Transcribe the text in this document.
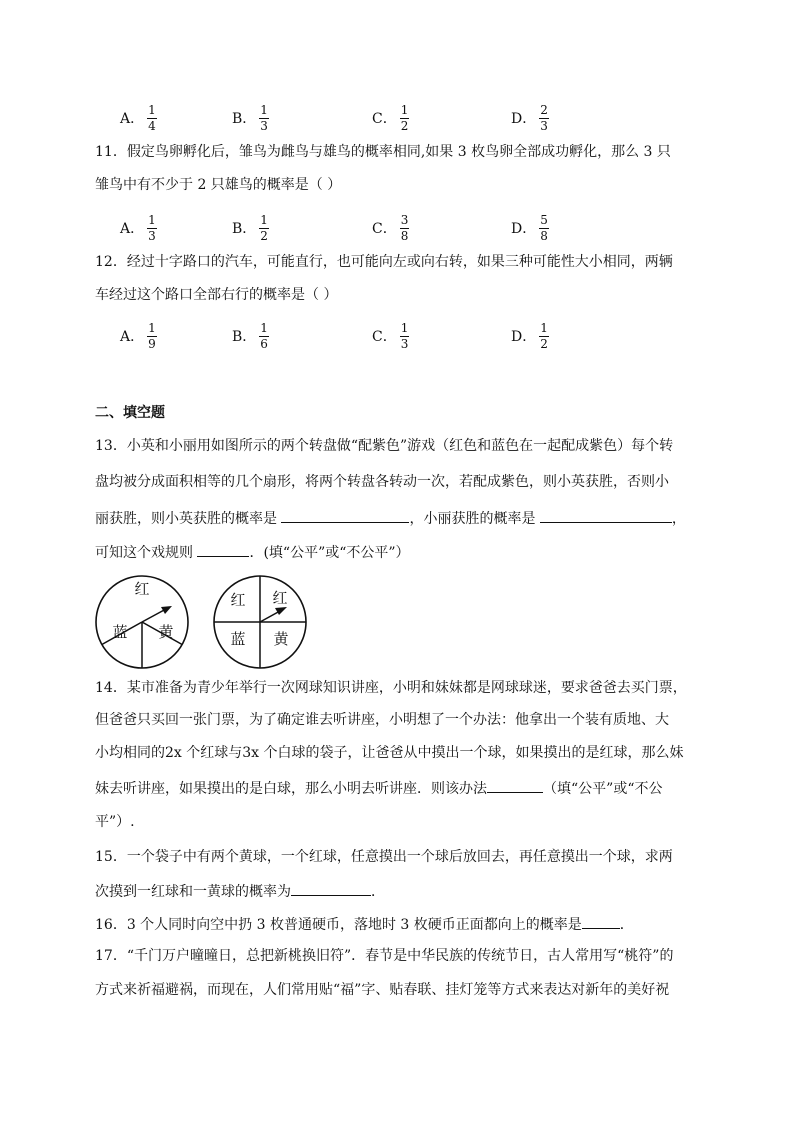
A． $\frac{1}{4}$	B． $\frac{1}{3}$	C． $\frac{1}{2}$	D． $\frac{2}{3}$
11．假定鸟卵孵化后，雏鸟为雌鸟与雄鸟的概率相同,如果 3 枚鸟卵全部成功孵化，那么 3 只
雏鸟中有不少于 2 只雄鸟的概率是（ ）
A． $\frac{1}{3}$	B． $\frac{1}{2}$	C． $\frac{3}{8}$	D． $\frac{5}{8}$
12．经过十字路口的汽车，可能直行，也可能向左或向右转，如果三种可能性大小相同，两辆
车经过这个路口全部右行的概率是（ ）
A． $\frac{1}{9}$	B． $\frac{1}{6}$	C． $\frac{1}{3}$	D． $\frac{1}{2}$
二、填空题
13．小英和小丽用如图所示的两个转盘做“配紫色”游戏（红色和蓝色在一起配成紫色）每个转
盘均被分成面积相等的几个扇形，将两个转盘各转动一次，若配成紫色，则小英获胜，否则小
丽获胜，则小英获胜的概率是	，小丽获胜的概率是	，
可知这个戏规则	．(填“公平”或“不公平”）
红
蓝 黄
红 红
蓝 黄
14．某市准备为青少年举行一次网球知识讲座，小明和妹妹都是网球球迷，要求爸爸去买门票，
但爸爸只买回一张门票，为了确定谁去听讲座，小明想了一个办法：他拿出一个装有质地、大
小均相同的2x 个红球与3x 个白球的袋子，让爸爸从中摸出一个球，如果摸出的是红球，那么妹
妹去听讲座，如果摸出的是白球，那么小明去听讲座．则该办法	（填“公平”或“不公
平”）.
15．一个袋子中有两个黄球，一个红球，任意摸出一个球后放回去，再任意摸出一个球，求两
次摸到一红球和一黄球的概率为	．
16．3 个人同时向空中扔 3 枚普通硬币，落地时 3 枚硬币正面都向上的概率是	．
17．“千门万户曈曈日，总把新桃换旧符”．春节是中华民族的传统节日，古人常用写“桃符”的
方式来祈福避祸，而现在，人们常用贴“福”字、贴春联、挂灯笼等方式来表达对新年的美好祝
